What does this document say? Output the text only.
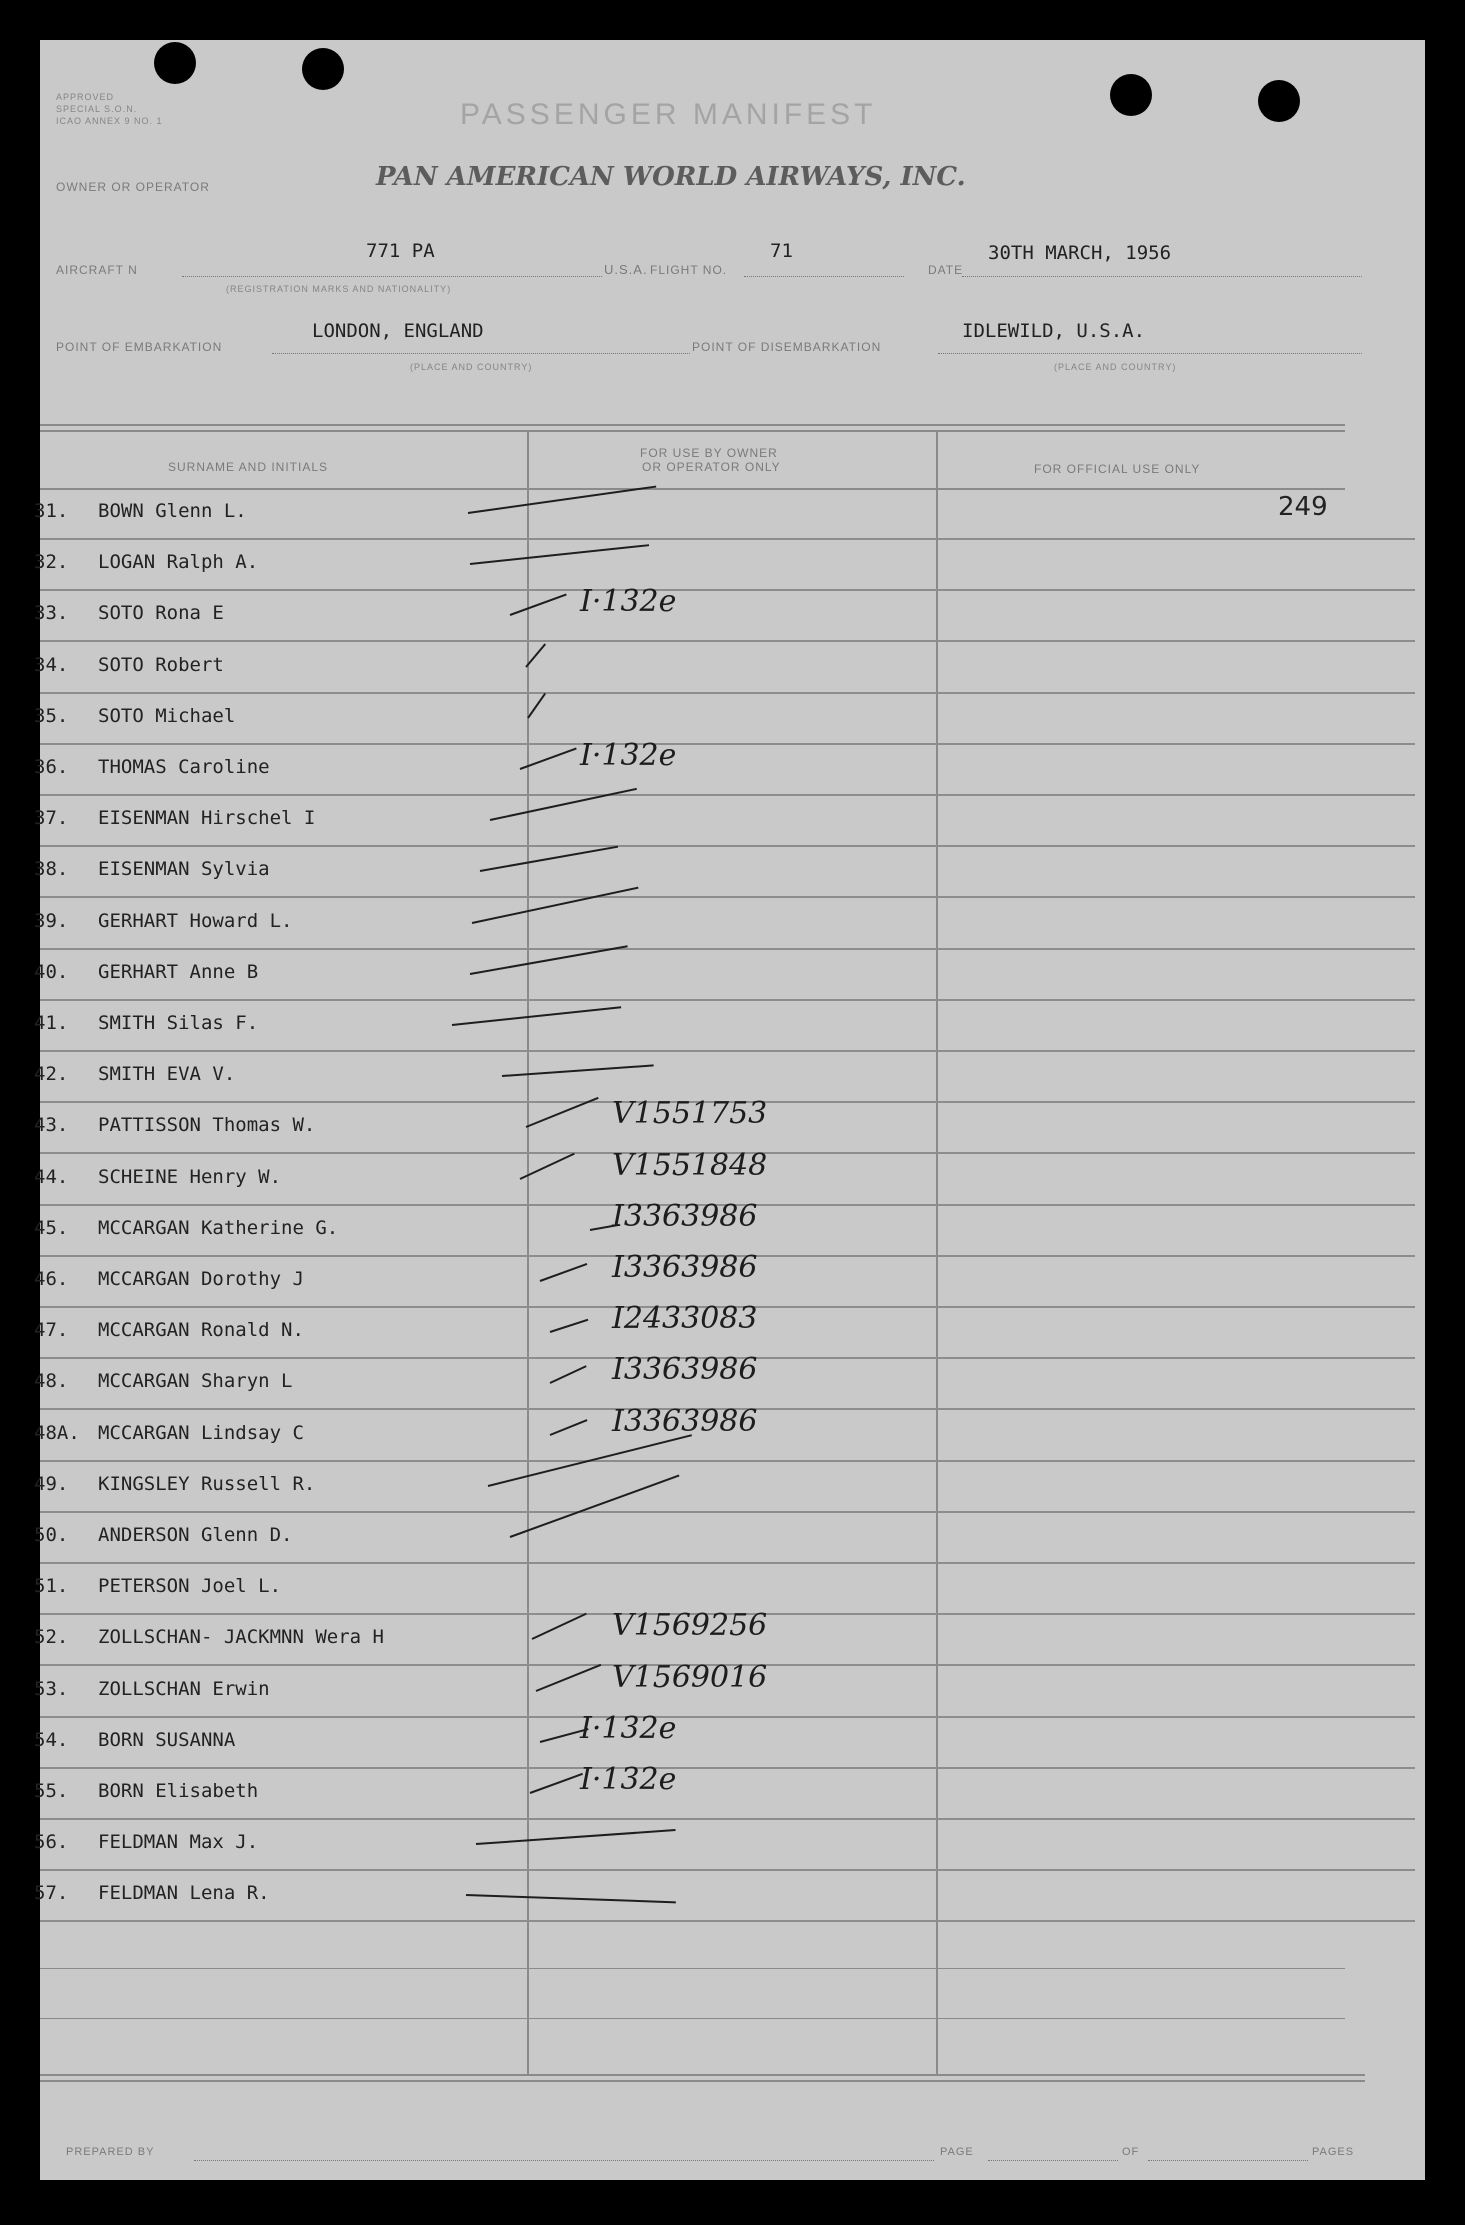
APPROVED
SPECIAL S.O.N.
ICAO ANNEX 9 NO. 1	PASSENGER MANIFEST
OWNER OR OPERATOR	PAN AMERICAN WORLD AIRWAYS, INC.
AIRCRAFT N
771 PA
(REGISTRATION MARKS AND NATIONALITY)
U.S.A. FLIGHT NO.
71
DATE
30TH MARCH, 1956
POINT OF EMBARKATION
LONDON, ENGLAND
(PLACE AND COUNTRY)
POINT OF DISEMBARKATION
IDLEWILD, U.S.A.
(PLACE AND COUNTRY)
SURNAME AND INITIALS
FOR USE BY OWNER
OR OPERATOR ONLY	FOR OFFICIAL USE ONLY
249
31. BOWN Glenn L.
32. LOGAN Ralph A.
33. SOTO Rona E	I·132e
34. SOTO Robert
35. SOTO Michael
36. THOMAS Caroline	I·132e
37. EISENMAN Hirschel I
38. EISENMAN Sylvia
39. GERHART Howard L.
40. GERHART Anne B
41. SMITH Silas F.
42. SMITH EVA V.
43. PATTISSON Thomas W.	V1551753
44. SCHEINE Henry W.	V1551848
45. MCCARGAN Katherine G.	I3363986
46. MCCARGAN Dorothy J	I3363986
47. MCCARGAN Ronald N.	I2433083
48. MCCARGAN Sharyn L	I3363986
48A. MCCARGAN Lindsay C	I3363986
49. KINGSLEY Russell R.
50. ANDERSON Glenn D.
51. PETERSON Joel L.
52. ZOLLSCHAN- JACKMNN Wera H	V1569256
53. ZOLLSCHAN Erwin	V1569016
54. BORN SUSANNA	I·132e
55. BORN Elisabeth	I·132e
56. FELDMAN Max J.
57. FELDMAN Lena R.
PREPARED BY	PAGE	OF	PAGES
